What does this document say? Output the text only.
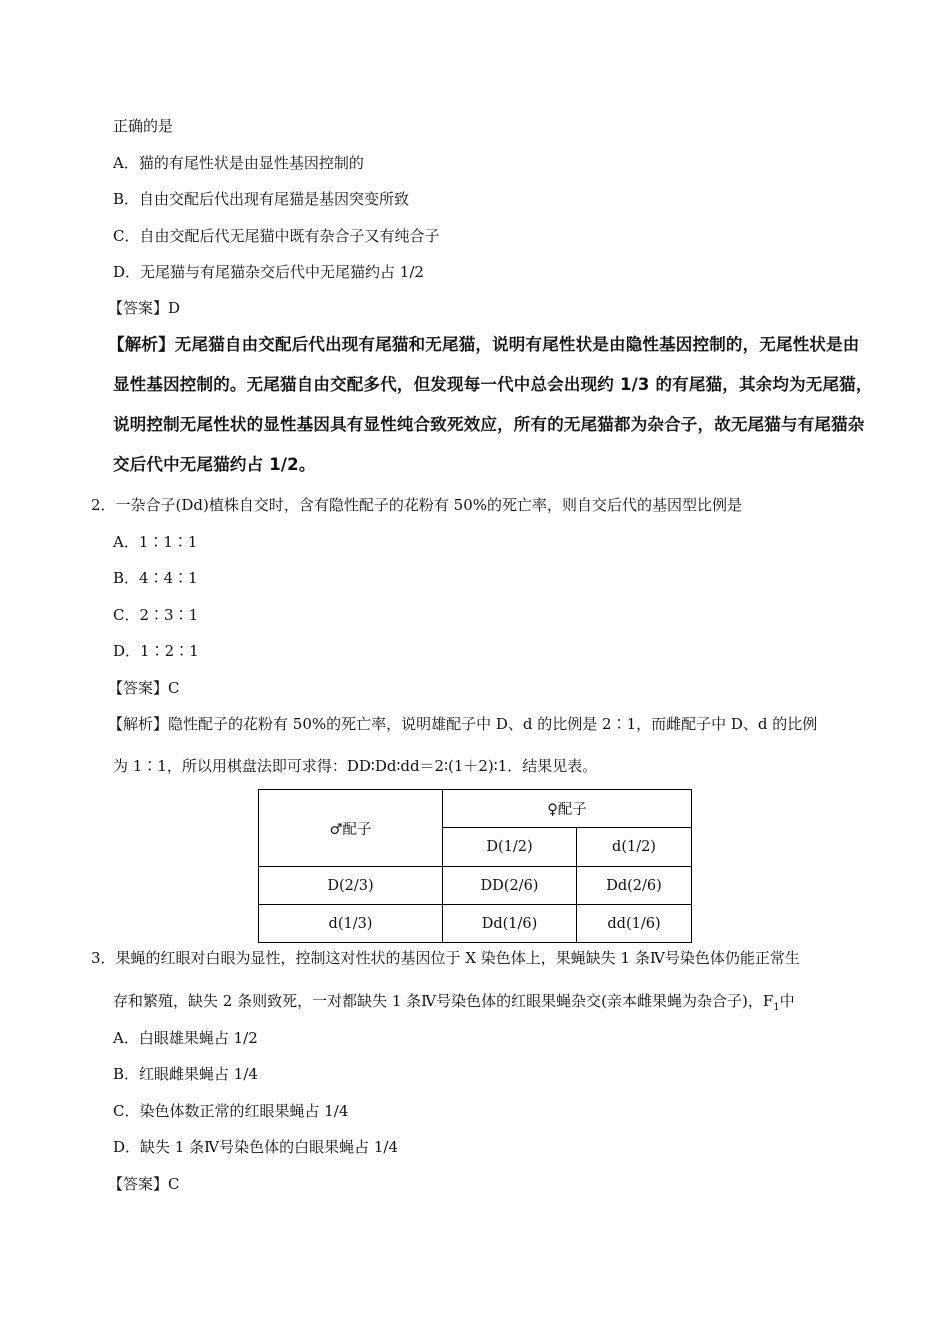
正确的是
A．猫的有尾性状是由显性基因控制的
B．自由交配后代出现有尾猫是基因突变所致
C．自由交配后代无尾猫中既有杂合子又有纯合子
D．无尾猫与有尾猫杂交后代中无尾猫约占 1/2
【答案】D
【解析】无尾猫自由交配后代出现有尾猫和无尾猫，说明有尾性状是由隐性基因控制的，无尾性状是由
显性基因控制的。无尾猫自由交配多代，但发现每一代中总会出现约 1/3 的有尾猫，其余均为无尾猫，
说明控制无尾性状的显性基因具有显性纯合致死效应，所有的无尾猫都为杂合子，故无尾猫与有尾猫杂
交后代中无尾猫约占 1/2。
2．一杂合子(Dd)植株自交时，含有隐性配子的花粉有 50%的死亡率，则自交后代的基因型比例是
A．1∶1∶1
B．4∶4∶1
C．2∶3∶1
D．1∶2∶1
【答案】C
【解析】隐性配子的花粉有 50%的死亡率，说明雄配子中 D、d 的比例是 2∶1，而雌配子中 D、d 的比例
为 1∶1，所以用棋盘法即可求得：DD∶Dd∶dd＝2∶(1＋2)∶1．结果见表。
♂配子	♀配子	
	D(1/2)	d(1/2)
D(2/3)	DD(2/6)	Dd(2/6)
d(1/3)	Dd(1/6)	dd(1/6)
3．果蝇的红眼对白眼为显性，控制这对性状的基因位于 X 染色体上，果蝇缺失 1 条Ⅳ号染色体仍能正常生
存和繁殖，缺失 2 条则致死，一对都缺失 1 条Ⅳ号染色体的红眼果蝇杂交(亲本雌果蝇为杂合子)，$F_1$中
A．白眼雄果蝇占 1/2
B．红眼雌果蝇占 1/4
C．染色体数正常的红眼果蝇占 1/4
D．缺失 1 条Ⅳ号染色体的白眼果蝇占 1/4
【答案】C
